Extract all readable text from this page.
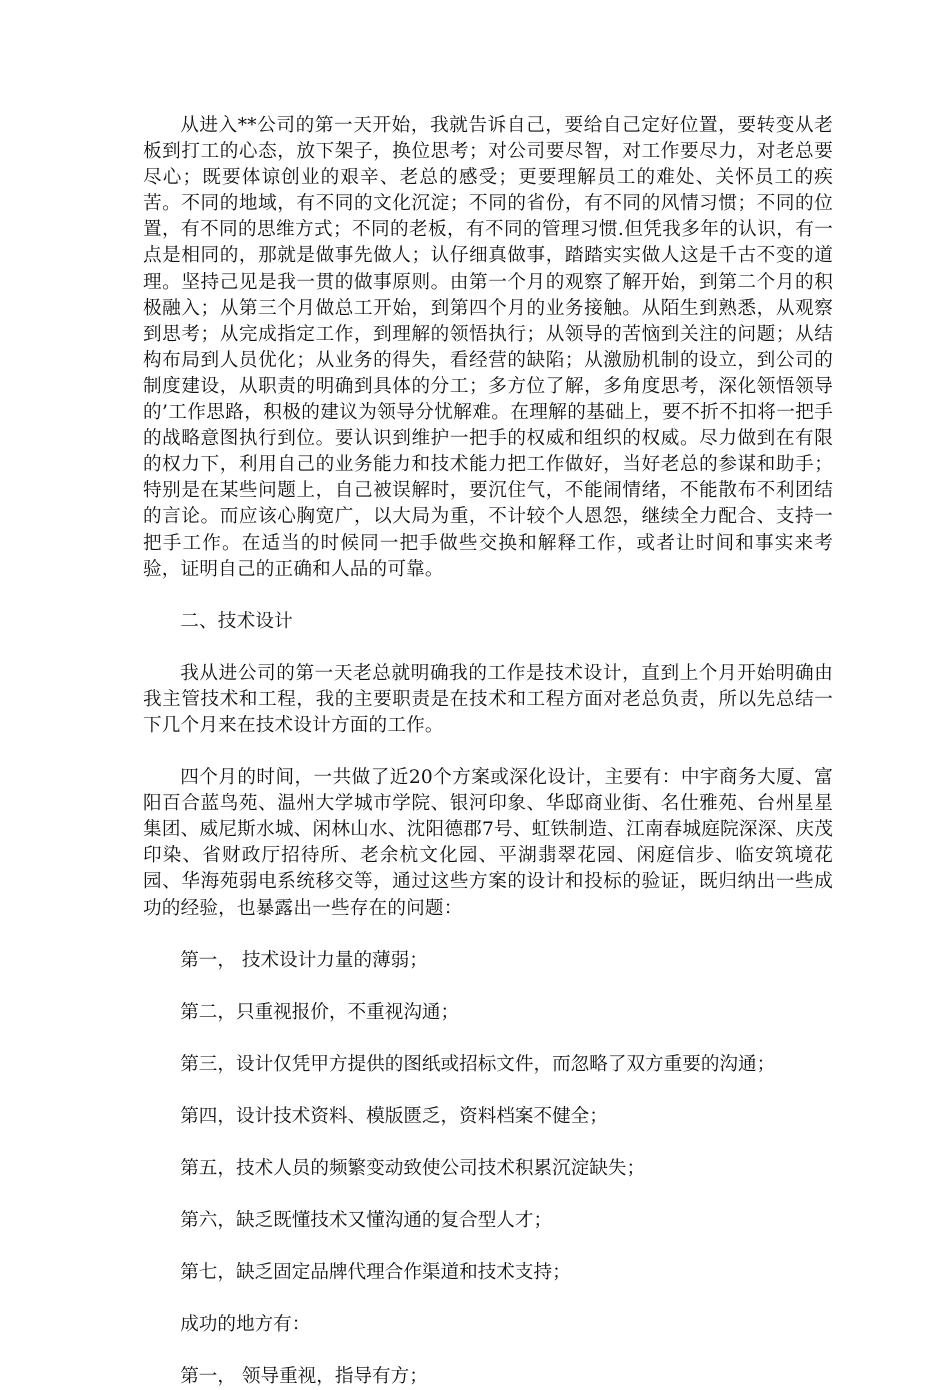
从进入**公司的第一天开始，我就告诉自己，要给自己定好位置，要转变从老板到打工的心态，放下架子，换位思考；对公司要尽智，对工作要尽力，对老总要尽心；既要体谅创业的艰辛、老总的感受；更要理解员工的难处、关怀员工的疾苦。不同的地域，有不同的文化沉淀；不同的省份，有不同的风情习惯；不同的位置，有不同的思维方式；不同的老板，有不同的管理习惯.但凭我多年的认识，有一点是相同的，那就是做事先做人；认仔细真做事，踏踏实实做人这是千古不变的道理。坚持己见是我一贯的做事原则。由第一个月的观察了解开始，到第二个月的积极融入；从第三个月做总工开始，到第四个月的业务接触。从陌生到熟悉，从观察到思考；从完成指定工作，到理解的领悟执行；从领导的苦恼到关注的问题；从结构布局到人员优化；从业务的得失，看经营的缺陷；从激励机制的设立，到公司的制度建设，从职责的明确到具体的分工；多方位了解，多角度思考，深化领悟领导的’工作思路，积极的建议为领导分忧解难。在理解的基础上，要不折不扣将一把手的战略意图执行到位。要认识到维护一把手的权威和组织的权威。尽力做到在有限的权力下，利用自己的业务能力和技术能力把工作做好，当好老总的参谋和助手；特别是在某些问题上，自己被误解时，要沉住气，不能闹情绪，不能散布不利团结的言论。而应该心胸宽广，以大局为重，不计较个人恩怨，继续全力配合、支持一把手工作。在适当的时候同一把手做些交换和解释工作，或者让时间和事实来考验，证明自己的正确和人品的可靠。

二、技术设计

我从进公司的第一天老总就明确我的工作是技术设计，直到上个月开始明确由我主管技术和工程，我的主要职责是在技术和工程方面对老总负责，所以先总结一下几个月来在技术设计方面的工作。

四个月的时间，一共做了近20个方案或深化设计，主要有：中宇商务大厦、富阳百合蓝鸟苑、温州大学城市学院、银河印象、华邸商业街、名仕雅苑、台州星星集团、威尼斯水城、闲林山水、沈阳德郡7号、虹铁制造、江南春城庭院深深、庆茂印染、省财政厅招待所、老余杭文化园、平湖翡翠花园、闲庭信步、临安筑境花园、华海苑弱电系统移交等，通过这些方案的设计和投标的验证，既归纳出一些成功的经验，也暴露出一些存在的问题：

第一， 技术设计力量的薄弱；

第二，只重视报价，不重视沟通；

第三，设计仅凭甲方提供的图纸或招标文件，而忽略了双方重要的沟通；

第四，设计技术资料、模版匮乏，资料档案不健全；

第五，技术人员的频繁变动致使公司技术积累沉淀缺失；

第六，缺乏既懂技术又懂沟通的复合型人才；

第七，缺乏固定品牌代理合作渠道和技术支持；

成功的地方有：

第一， 领导重视，指导有方；
